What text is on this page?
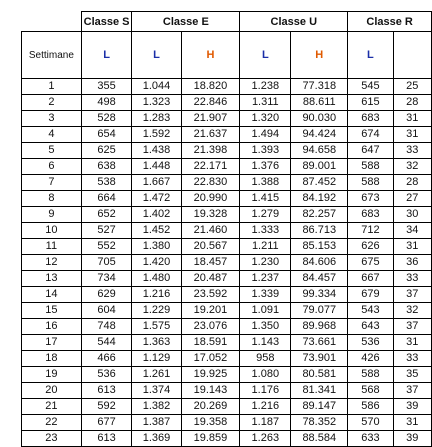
	Classe S	Classe E		Classe U		Classe R	
Settimane	L	L	H	L	H	L	
1	355	1.044	18.820	1.238	77.318	545	25
2	498	1.323	22.846	1.311	88.611	615	28
3	528	1.283	21.907	1.320	90.030	683	31
4	654	1.592	21.637	1.494	94.424	674	31
5	625	1.438	21.398	1.393	94.658	647	33
6	638	1.448	22.171	1.376	89.001	588	32
7	538	1.667	22.830	1.388	87.452	588	28
8	664	1.472	20.990	1.415	84.192	673	27
9	652	1.402	19.328	1.279	82.257	683	30
10	527	1.452	21.460	1.333	86.713	712	34
11	552	1.380	20.567	1.211	85.153	626	31
12	705	1.420	18.457	1.230	84.606	675	36
13	734	1.480	20.487	1.237	84.457	667	33
14	629	1.216	23.592	1.339	99.334	679	37
15	604	1.229	19.201	1.091	79.077	543	32
16	748	1.575	23.076	1.350	89.968	643	37
17	544	1.363	18.591	1.143	73.661	536	31
18	466	1.129	17.052	958	73.901	426	33
19	536	1.261	19.925	1.080	80.581	588	35
20	613	1.374	19.143	1.176	81.341	568	37
21	592	1.382	20.269	1.216	89.147	586	39
22	677	1.387	19.358	1.187	78.352	570	31
23	613	1.369	19.859	1.263	88.584	633	39
